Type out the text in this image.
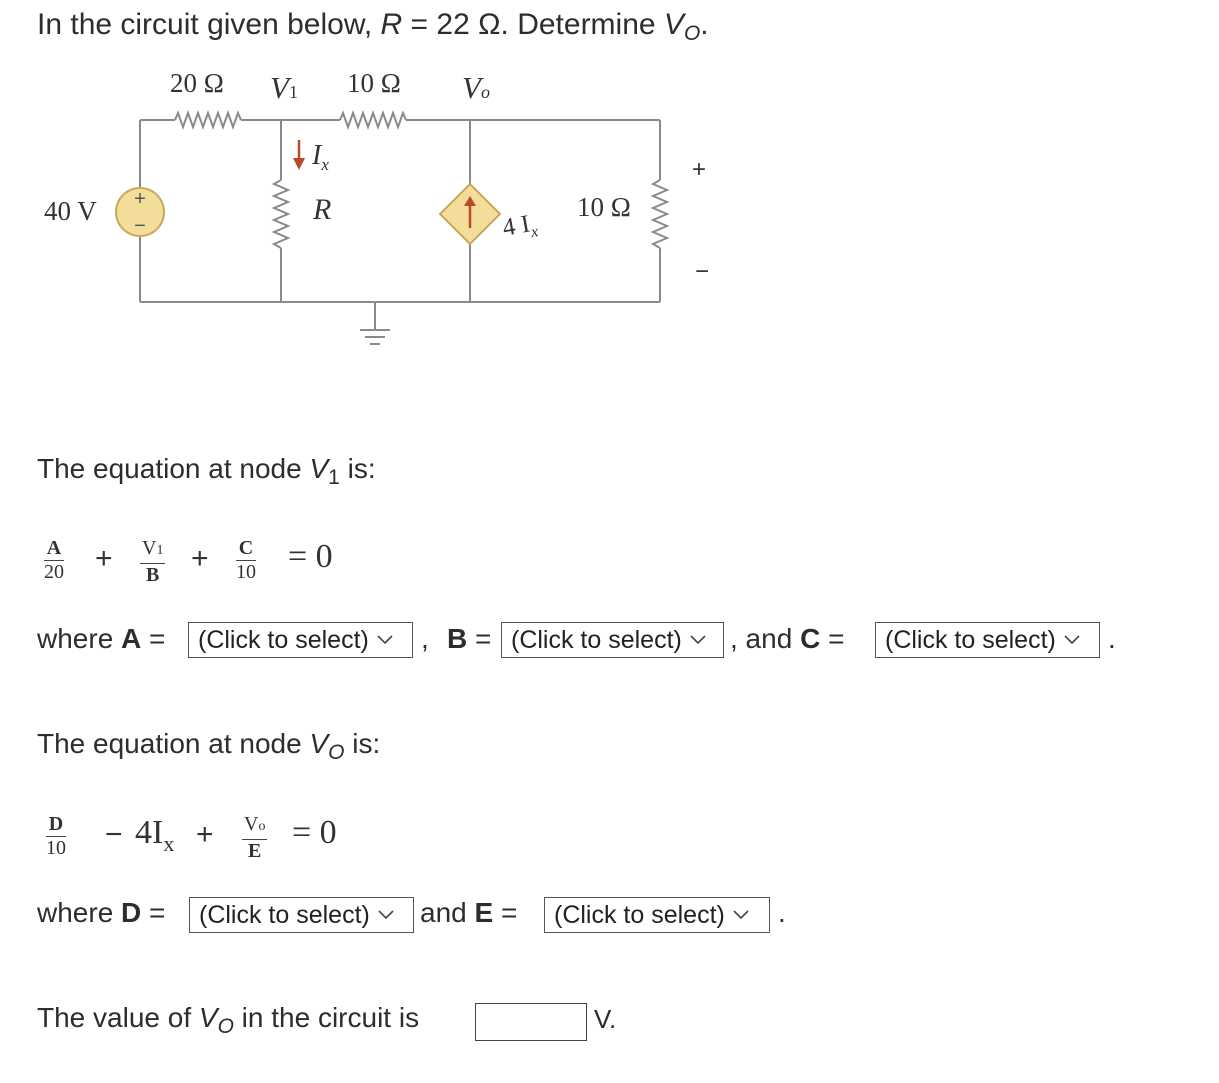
In the circuit given below, R = 22 Ω. Determine $V_O$.
+
−
20 Ω	10 Ω
10 Ω
40 V
V1	Vo
$I_x$
R
4 $I_x$
+
−
The equation at node $V_1$ is:
A
20 + V1
B + C
10 = 0
where A = (Click to select) , B = (Click to select) , and C = (Click to select) .
The equation at node $V_O$ is:
D
$10 - 4I_x + Vo$
E = 0
where D = (Click to select) and E = (Click to select) .
The value of $V_O$ in the circuit is	V.
